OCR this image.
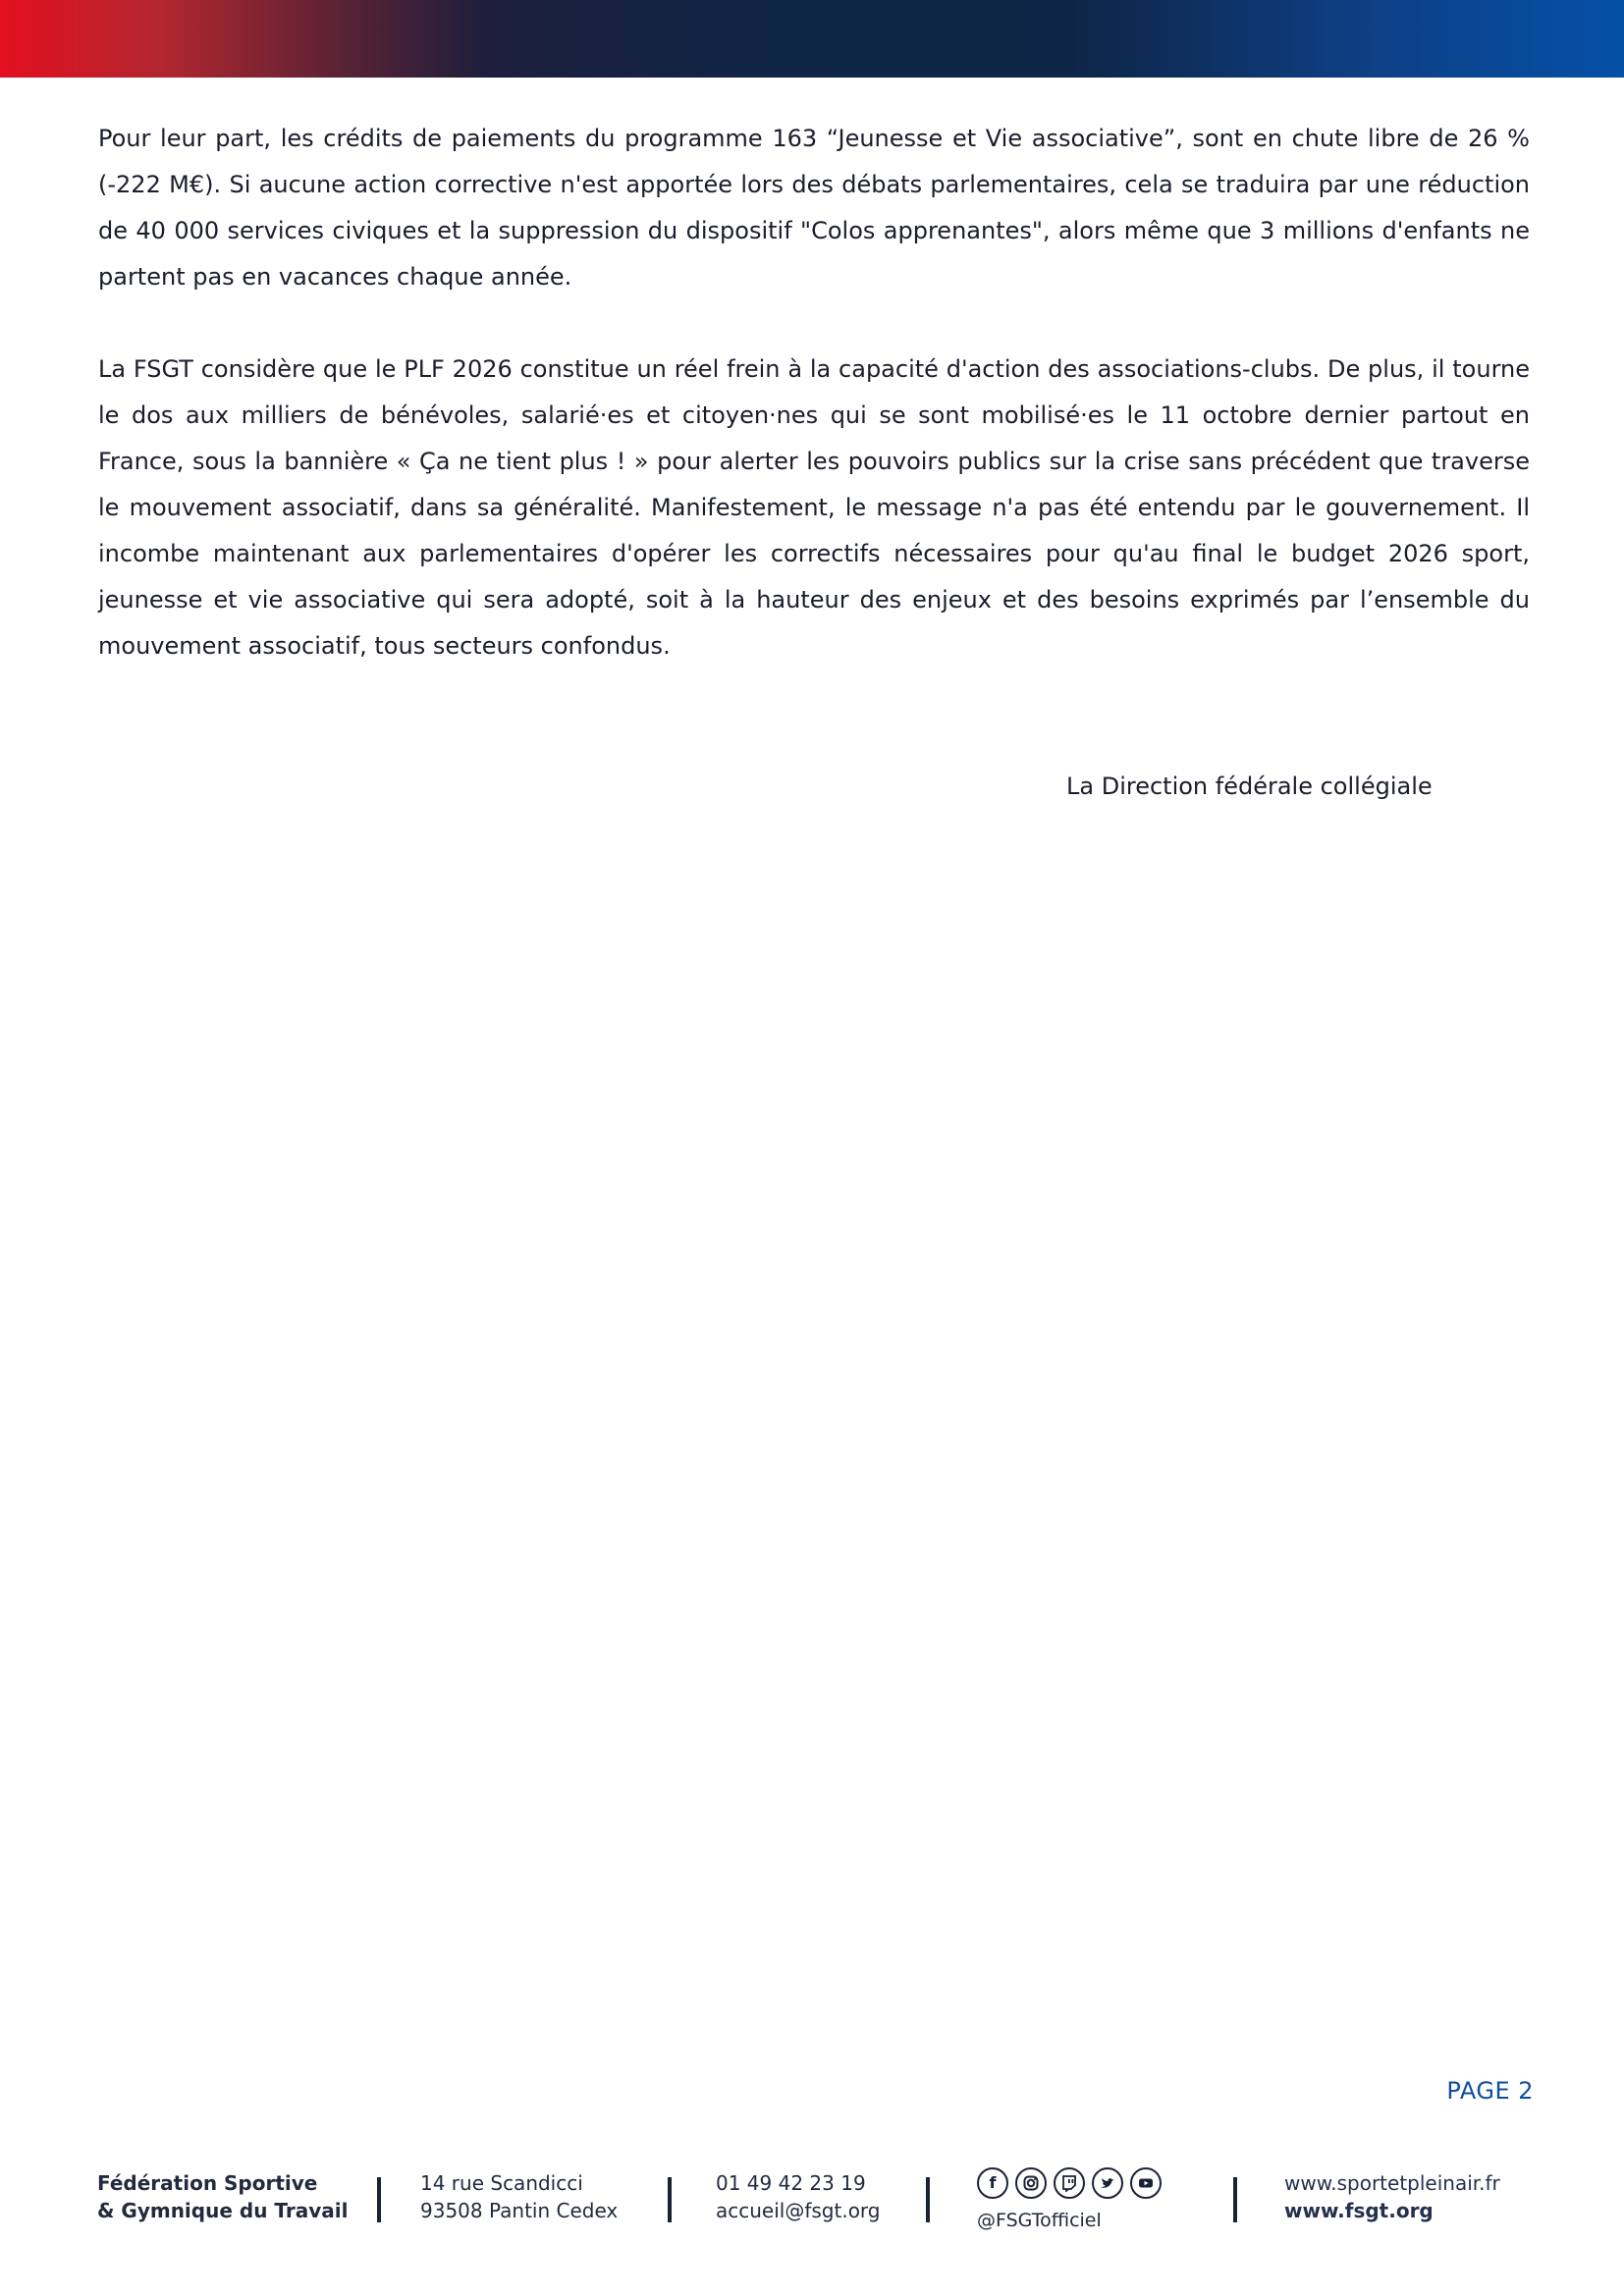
Pour leur part, les crédits de paiements du programme 163 “Jeunesse et Vie associative”, sont en chute libre de 26 % (-222 M€). Si aucune action corrective n'est apportée lors des débats parlementaires, cela se traduira par une réduction de 40 000 services civiques et la suppression du dispositif "Colos apprenantes", alors même que 3 millions d'enfants ne partent pas en vacances chaque année.

La FSGT considère que le PLF 2026 constitue un réel frein à la capacité d'action des associations-clubs. De plus, il tourne le dos aux milliers de bénévoles, salarié·es et citoyen·nes qui se sont mobilisé·es le 11 octobre dernier partout en France, sous la bannière « Ça ne tient plus ! » pour alerter les pouvoirs publics sur la crise sans précédent que traverse le mouvement associatif, dans sa généralité. Manifestement, le message n'a pas été entendu par le gouvernement. Il incombe maintenant aux parlementaires d'opérer les correctifs nécessaires pour qu'au final le budget 2026 sport, jeunesse et vie associative qui sera adopté, soit à la hauteur des enjeux et des besoins exprimés par l’ensemble du mouvement associatif, tous secteurs confondus.

La Direction fédérale collégiale
PAGE 2
Fédération Sportive
& Gymnique du Travail
14 rue Scandicci
93508 Pantin Cedex
01 49 42 23 19
accueil@fsgt.org
f
@FSGTofficiel
www.sportetpleinair.fr
www.fsgt.org
